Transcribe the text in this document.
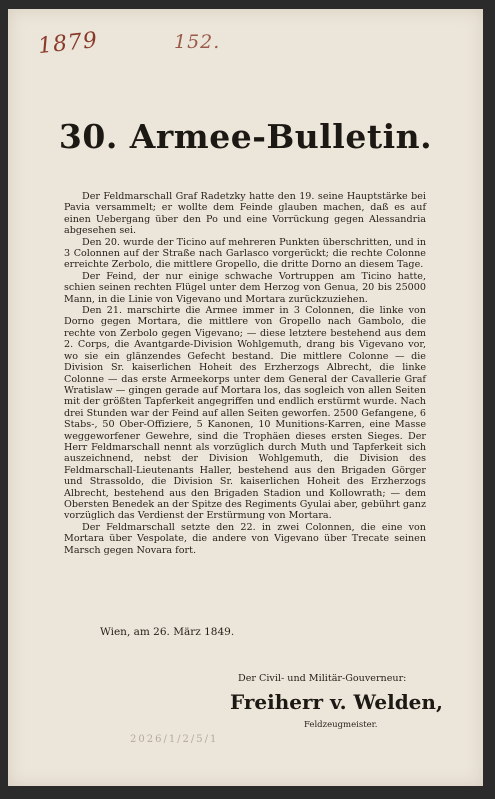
1879	152.
30. Armee-Bulletin.

Der Feldmarschall Graf Radetzky hatte den 19. seine Hauptstärke bei Pavia versammelt; er wollte dem Feinde glauben machen, daß es auf einen Uebergang über den Po und eine Vorrückung gegen Alessandria abgesehen sei.

Den 20. wurde der Ticino auf mehreren Punkten überschritten, und in 3 Colonnen auf der Straße nach Garlasco vorgerückt; die rechte Colonne erreichte Zerbolo, die mittlere Gropello, die dritte Dorno an diesem Tage.

Der Feind, der nur einige schwache Vortruppen am Ticino hatte, schien seinen rechten Flügel unter dem Herzog von Genua, 20 bis 25000 Mann, in die Linie von Vigevano und Mortara zurückzuziehen.

Den 21. marschirte die Armee immer in 3 Colonnen, die linke von Dorno gegen Mortara, die mittlere von Gropello nach Gambolo, die rechte von Zerbolo gegen Vigevano; — diese letztere bestehend aus dem 2. Corps, die Avantgarde-Division Wohlgemuth, drang bis Vigevano vor, wo sie ein glänzendes Gefecht bestand. Die mittlere Colonne — die Division Sr. kaiserlichen Hoheit des Erzherzogs Albrecht, die linke Colonne — das erste Armeekorps unter dem General der Cavallerie Graf Wratislaw — gingen gerade auf Mortara los, das sogleich von allen Seiten mit der größten Tapferkeit angegriffen und endlich erstürmt wurde. Nach drei Stunden war der Feind auf allen Seiten geworfen. 2500 Gefangene, 6 Stabs-, 50 Ober-Offiziere, 5 Kanonen, 10 Munitions-Karren, eine Masse weggeworfener Gewehre, sind die Trophäen dieses ersten Sieges. Der Herr Feldmarschall nennt als vorzüglich durch Muth und Tapferkeit sich auszeichnend, nebst der Division Wohlgemuth, die Division des Feldmarschall-Lieutenants Haller, bestehend aus den Brigaden Görger und Strassoldo, die Division Sr. kaiserlichen Hoheit des Erzherzogs Albrecht, bestehend aus den Brigaden Stadion und Kollowrath; — dem Obersten Benedek an der Spitze des Regiments Gyulai aber, gebührt ganz vorzüglich das Verdienst der Erstürmung von Mortara.

Der Feldmarschall setzte den 22. in zwei Colonnen, die eine von Mortara über Vespolate, die andere von Vigevano über Trecate seinen Marsch gegen Novara fort.

Wien, am 26. März 1849.
Der Civil- und Militär-Gouverneur:
Freiherr v. Welden,
Feldzeugmeister.
2026/1/2/5/1
